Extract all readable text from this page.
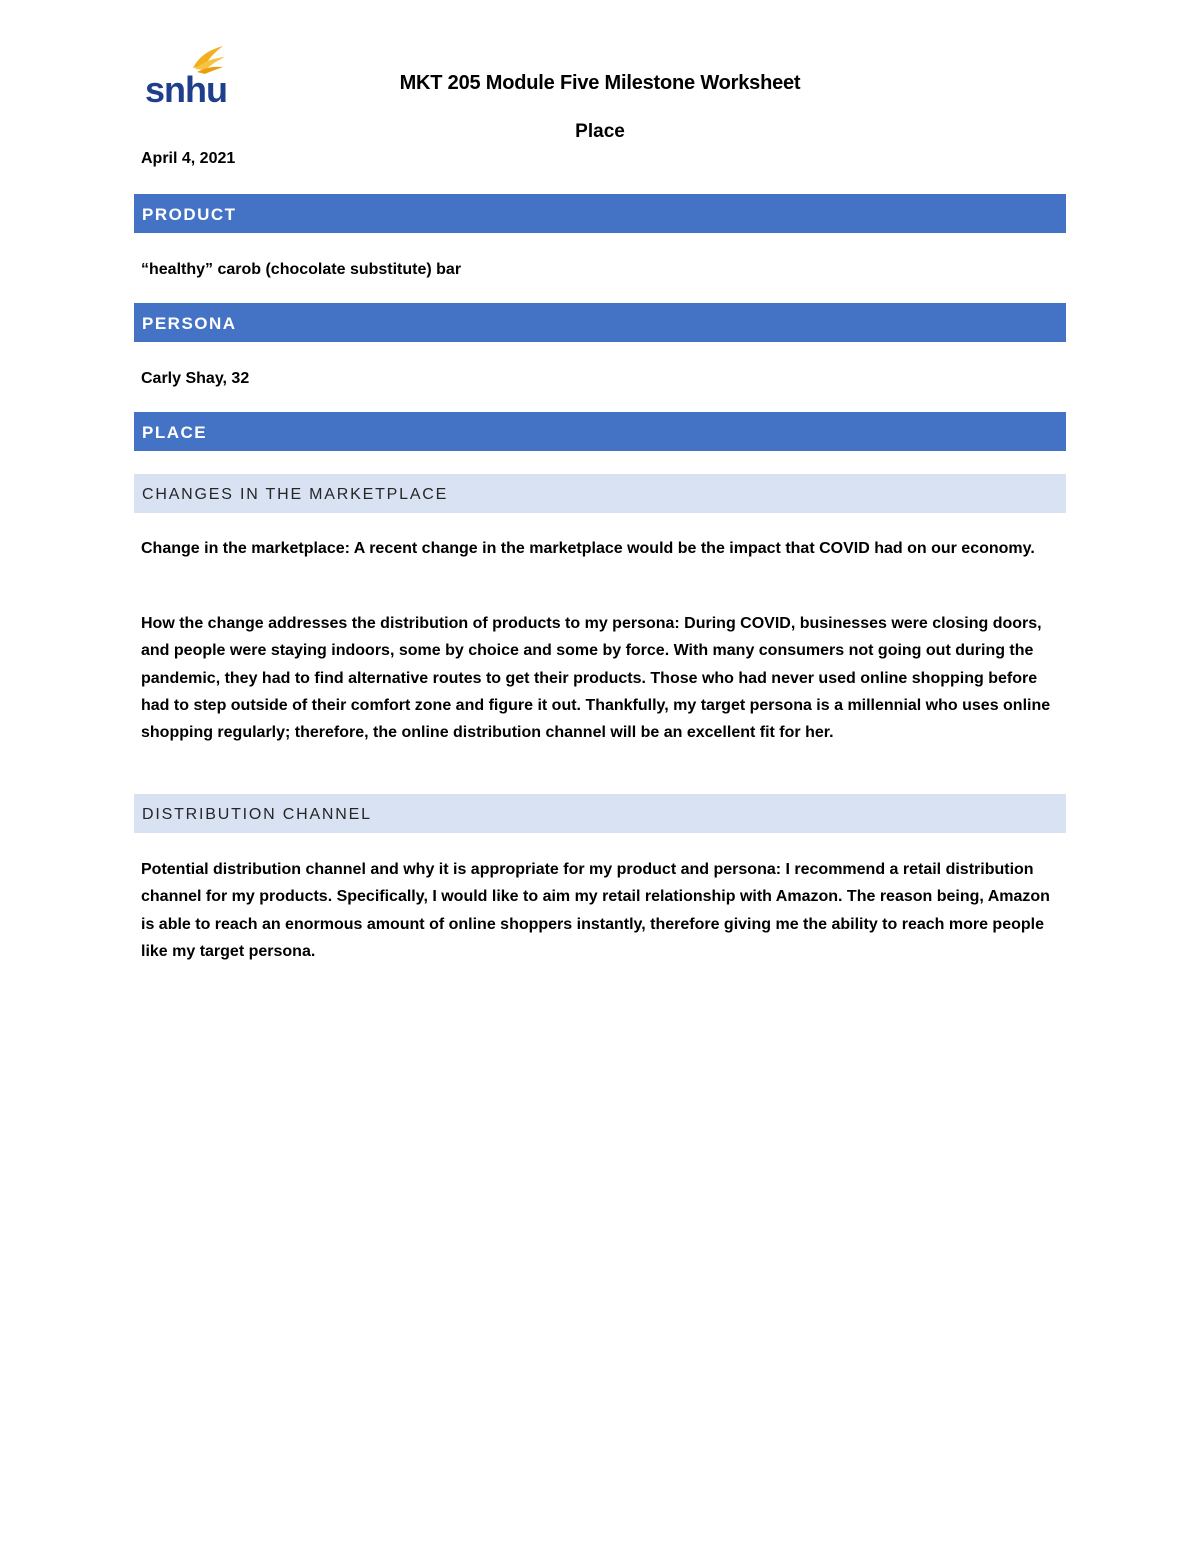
snhu	MKT 205 Module Five Milestone Worksheet
Place
April 4, 2021
PRODUCT
“healthy” carob (chocolate substitute) bar
PERSONA
Carly Shay, 32
PLACE
CHANGES IN THE MARKETPLACE
Change in the marketplace: A recent change in the marketplace would be the impact that COVID had on our economy.
How the change addresses the distribution of products to my persona: During COVID, businesses were closing doors, and people were staying indoors, some by choice and some by force. With many consumers not going out during the pandemic, they had to find alternative routes to get their products. Those who had never used online shopping before had to step outside of their comfort zone and figure it out. Thankfully, my target persona is a millennial who uses online shopping regularly; therefore, the online distribution channel will be an excellent fit for her.
DISTRIBUTION CHANNEL
Potential distribution channel and why it is appropriate for my product and persona: I recommend a retail distribution channel for my products. Specifically, I would like to aim my retail relationship with Amazon. The reason being, Amazon is able to reach an enormous amount of online shoppers instantly, therefore giving me the ability to reach more people like my target persona.
